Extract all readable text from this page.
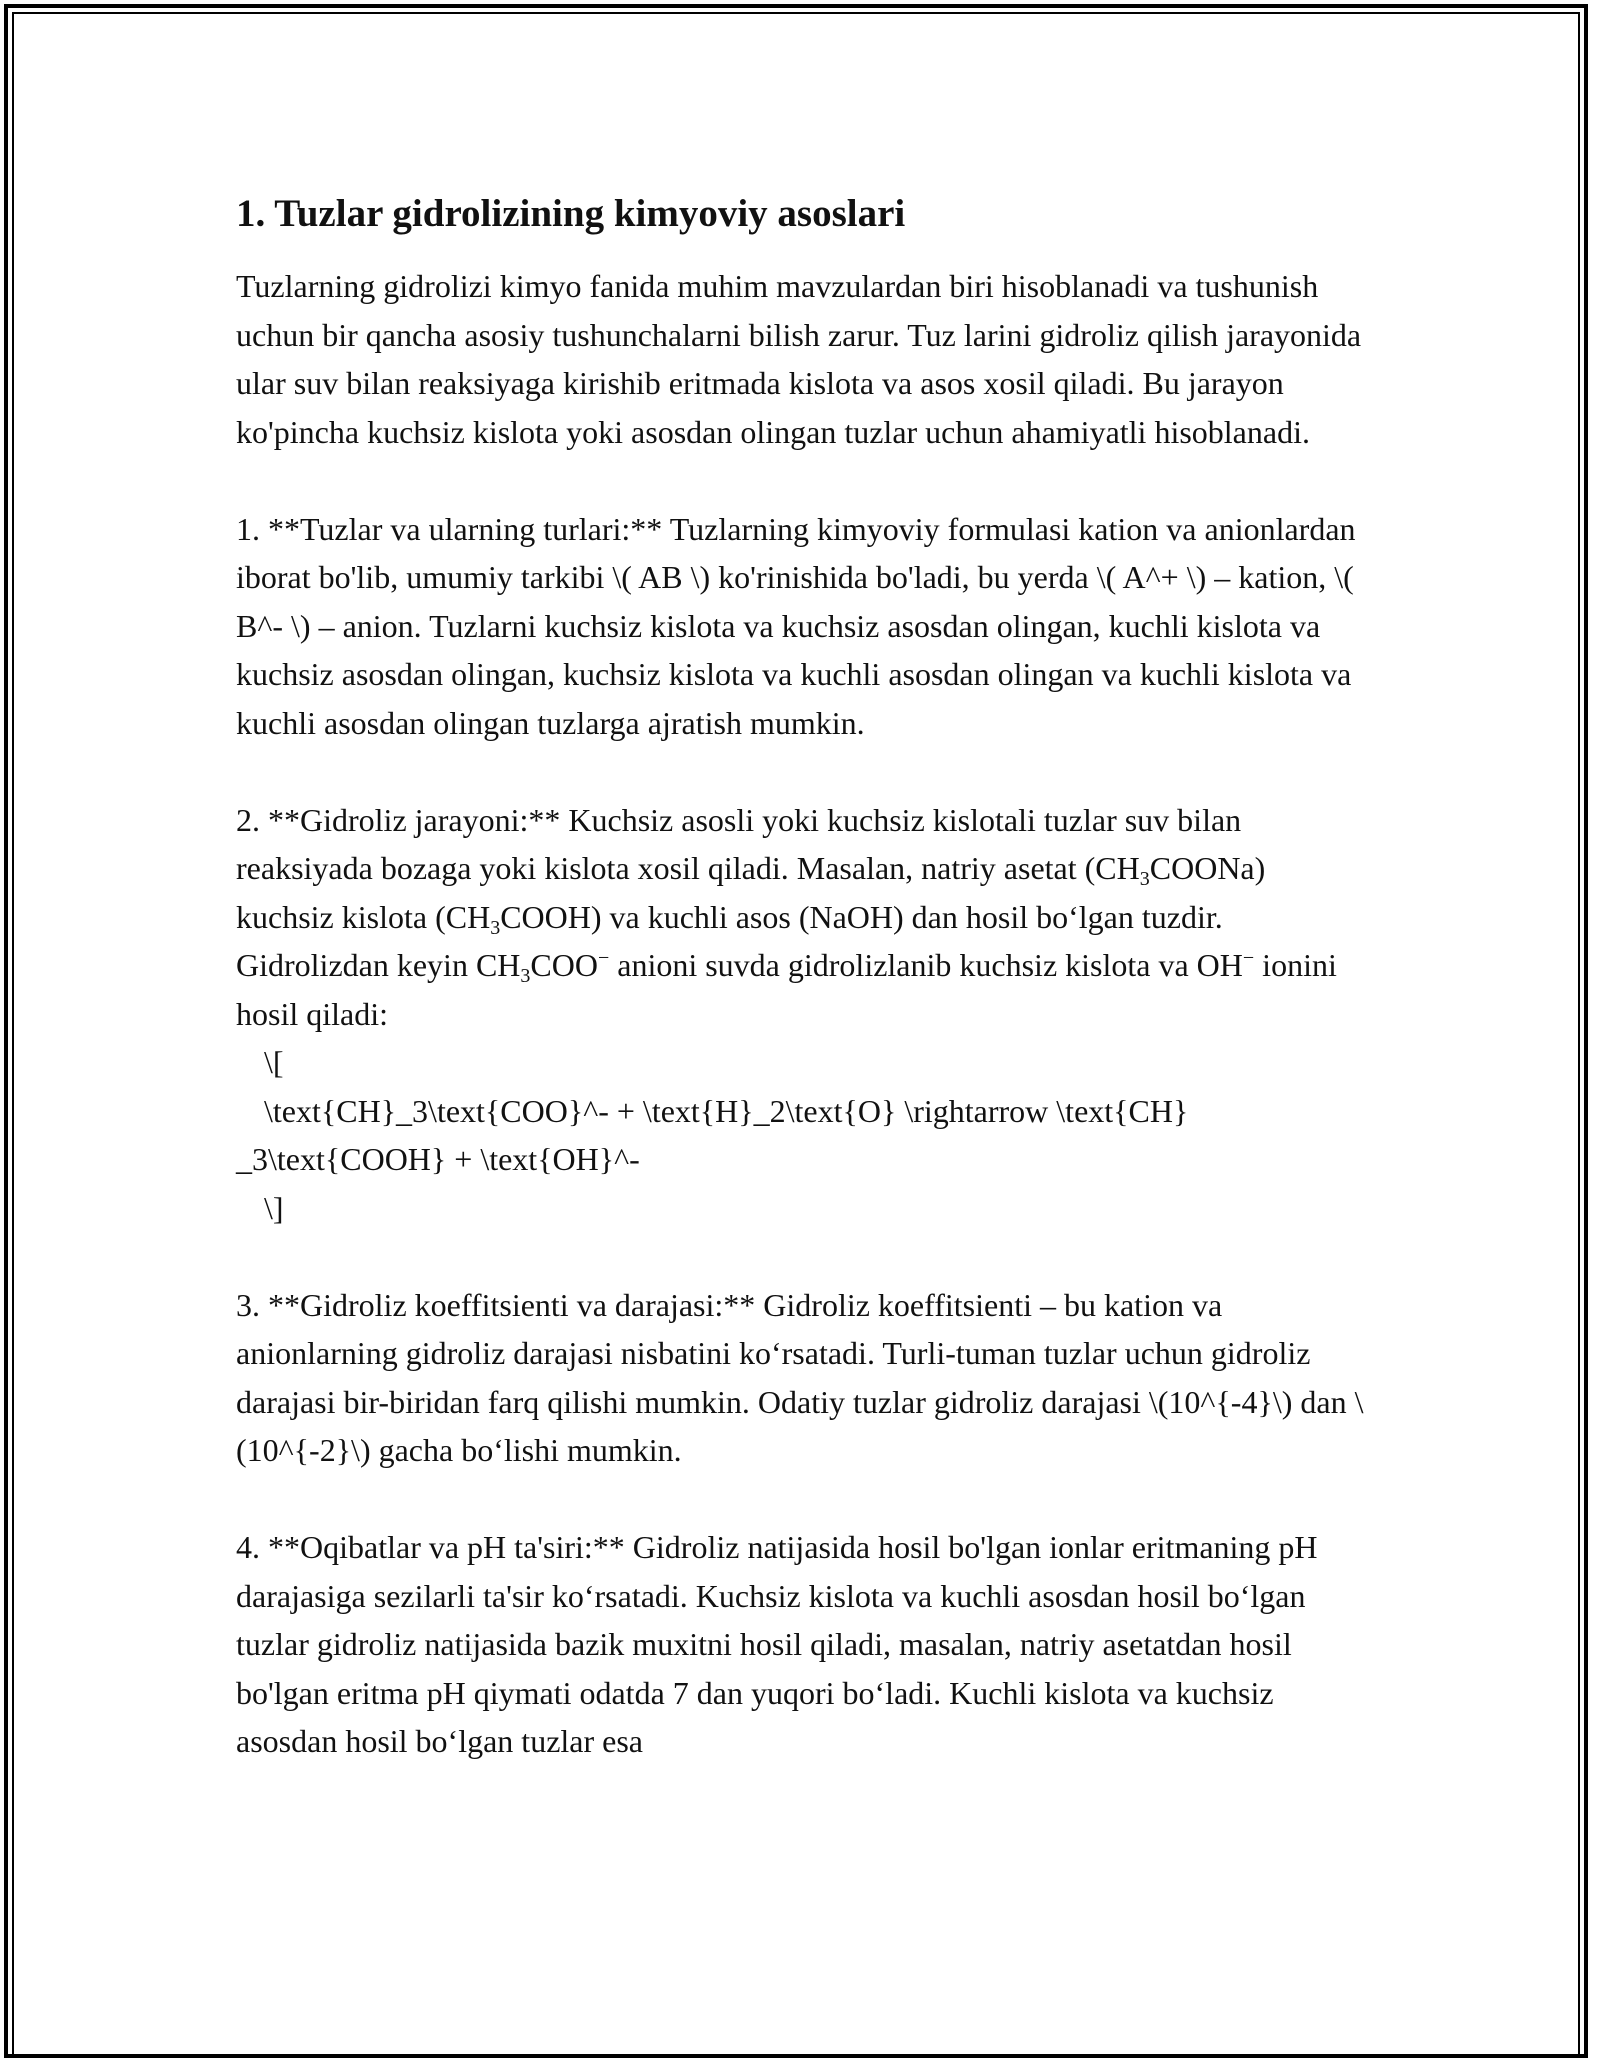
1. Tuzlar gidrolizining kimyoviy asoslari

Tuzlarning gidrolizi kimyo fanida muhim mavzulardan biri hisoblanadi va tushunish uchun bir qancha asosiy tushunchalarni bilish zarur. Tuz larini gidroliz qilish jarayonida ular suv bilan reaksiyaga kirishib eritmada kislota va asos xosil qiladi. Bu jarayon ko'pincha kuchsiz kislota yoki asosdan olingan tuzlar uchun ahamiyatli hisoblanadi.

1. **Tuzlar va ularning turlari:** Tuzlarning kimyoviy formulasi kation va anionlardan iborat bo'lib, umumiy tarkibi \( AB \) ko'rinishida bo'ladi, bu yerda \( A^+ \) – kation, \( B^- \) – anion. Tuzlarni kuchsiz kislota va kuchsiz asosdan olingan, kuchli kislota va kuchsiz asosdan olingan, kuchsiz kislota va kuchli asosdan olingan va kuchli kislota va kuchli asosdan olingan tuzlarga ajratish mumkin.

2. **Gidroliz jarayoni:** Kuchsiz asosli yoki kuchsiz kislotali tuzlar suv bilan reaksiyada bozaga yoki kislota xosil qiladi. Masalan, natriy asetat $(CH_3COONa)$ kuchsiz kislota $(CH_3COOH)$ va kuchli asos (NaOH) dan hosil bo‘lgan tuzdir. Gidrolizdan keyin $CH_3COO^-$ anioni suvda gidrolizlanib kuchsiz kislota va OH− ionini hosil qiladi:

\[
\text{CH}_3\text{COO}^- + \text{H}_2\text{O} \rightarrow \text{CH}
_3\text{COOH} + \text{OH}^-
\]

3. **Gidroliz koeffitsienti va darajasi:** Gidroliz koeffitsienti – bu kation va anionlarning gidroliz darajasi nisbatini ko‘rsatadi. Turli-tuman tuzlar uchun gidroliz darajasi bir-biridan farq qilishi mumkin. Odatiy tuzlar gidroliz darajasi \(10^{-4}\) dan \(10^{-2}\) gacha bo‘lishi mumkin.

4. **Oqibatlar va pH ta'siri:** Gidroliz natijasida hosil bo'lgan ionlar eritmaning pH darajasiga sezilarli ta'sir ko‘rsatadi. Kuchsiz kislota va kuchli asosdan hosil bo‘lgan tuzlar gidroliz natijasida bazik muxitni hosil qiladi, masalan, natriy asetatdan hosil bo'lgan eritma pH qiymati odatda 7 dan yuqori bo‘ladi. Kuchli kislota va kuchsiz asosdan hosil bo‘lgan tuzlar esa
